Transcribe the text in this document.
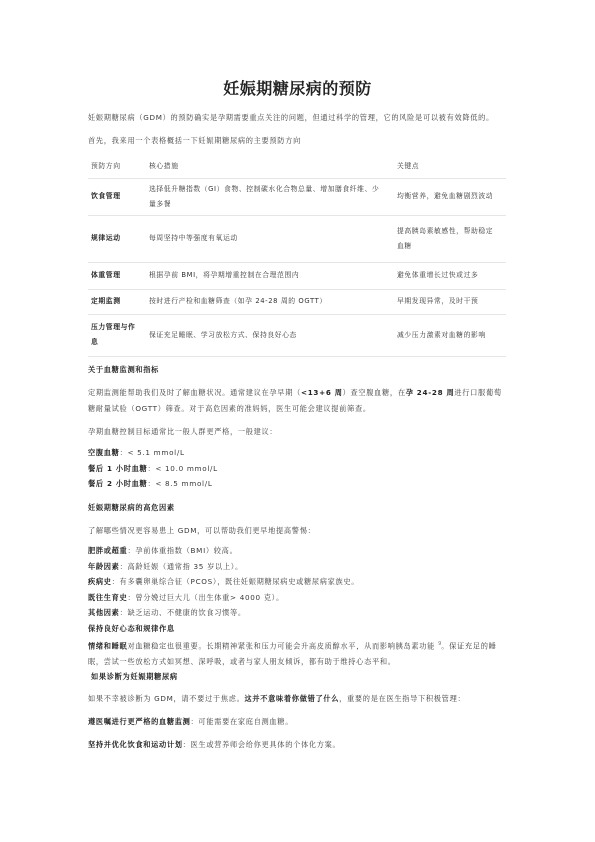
妊娠期糖尿病的预防

妊娠期糖尿病（GDM）的预防确实是孕期需要重点关注的问题，但通过科学的管理，它的风险是可以被有效降低的。

首先，我来用一个表格概括一下妊娠期糖尿病的主要预防方向

预防方向	核心措施	关键点
饮食管理	选择低升糖指数（GI）食物、控制碳水化合物总量、增加膳食纤维、少量多餐	均衡营养，避免血糖剧烈波动
规律运动	每周坚持中等强度有氧运动	提高胰岛素敏感性，帮助稳定血糖
体重管理	根据孕前 BMI，将孕期增重控制在合理范围内	避免体重增长过快或过多
定期监测	按时进行产检和血糖筛查（如孕 24-28 周的 OGTT）	早期发现异常，及时干预
压力管理与作息	保证充足睡眠、学习放松方式、保持良好心态	减少压力激素对血糖的影响

关于血糖监测和指标

定期监测能帮助我们及时了解血糖状况。通常建议在孕早期（<13+6 周）查空腹血糖，在孕 24-28 周进行口服葡萄糖耐量试验（OGTT）筛查。对于高危因素的准妈妈，医生可能会建议提前筛查。

孕期血糖控制目标通常比一般人群更严格，一般建议：

空腹血糖：< 5.1 mmol/L
餐后 1 小时血糖：< 10.0 mmol/L
餐后 2 小时血糖：< 8.5 mmol/L

妊娠期糖尿病的高危因素

了解哪些情况更容易患上 GDM，可以帮助我们更早地提高警惕：

肥胖或超重：孕前体重指数（BMI）较高。
年龄因素：高龄妊娠（通常指 35 岁以上）。
疾病史：有多囊卵巢综合征（PCOS），既往妊娠期糖尿病史或糖尿病家族史。
既往生育史：曾分娩过巨大儿（出生体重> 4000 克）。
其他因素：缺乏运动、不健康的饮食习惯等。
保持良好心态和规律作息
情绪和睡眠对血糖稳定也很重要。长期精神紧张和压力可能会升高皮质醇水平，从而影响胰岛素功能 $^9$。保证充足的睡眠，尝试一些放松方式如冥想、深呼吸，或者与家人朋友倾诉，都有助于维持心态平和。
如果诊断为妊娠期糖尿病

如果不幸被诊断为 GDM，请不要过于焦虑。这并不意味着你做错了什么，重要的是在医生指导下积极管理：

遵医嘱进行更严格的血糖监测：可能需要在家庭自测血糖。

坚持并优化饮食和运动计划：医生或营养师会给你更具体的个体化方案。
